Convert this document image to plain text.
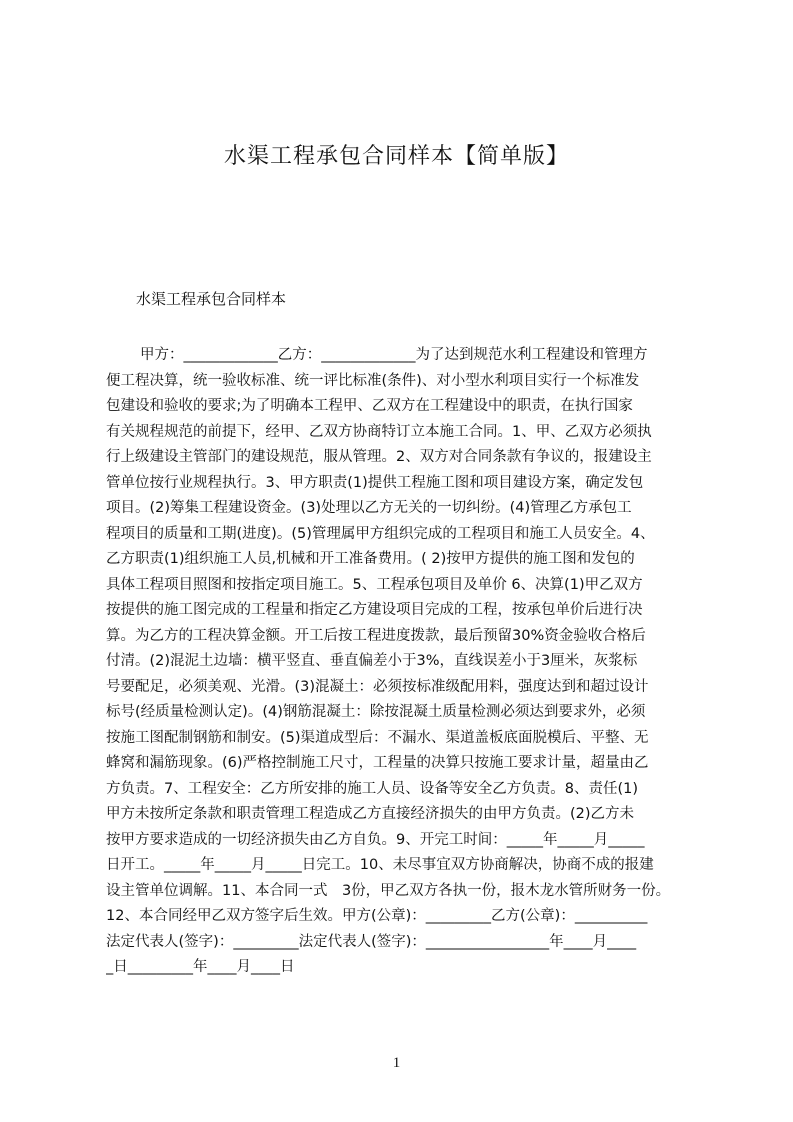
水渠工程承包合同样本【简单版】
水渠工程承包合同样本
甲方：_____________乙方：_____________为了达到规范水利工程建设和管理方
便工程决算，统一验收标准、统一评比标准(条件)、对小型水利项目实行一个标准发
包建设和验收的要求;为了明确本工程甲、乙双方在工程建设中的职责，在执行国家
有关规程规范的前提下，经甲、乙双方协商特订立本施工合同。1、甲、乙双方必须执
行上级建设主管部门的建设规范，服从管理。2、双方对合同条款有争议的，报建设主
管单位按行业规程执行。3、甲方职责(1)提供工程施工图和项目建设方案，确定发包
项目。(2)筹集工程建设资金。(3)处理以乙方无关的一切纠纷。(4)管理乙方承包工
程项目的质量和工期(进度)。(5)管理属甲方组织完成的工程项目和施工人员安全。4、
乙方职责(1)组织施工人员,机械和开工准备费用。( 2)按甲方提供的施工图和发包的
具体工程项目照图和按指定项目施工。5、工程承包项目及单价 6、决算(1)甲乙双方
按提供的施工图完成的工程量和指定乙方建设项目完成的工程，按承包单价后进行决
算。为乙方的工程决算金额。开工后按工程进度拨款，最后预留30%资金验收合格后
付清。(2)混泥土边墙：横平竖直、垂直偏差小于3%，直线误差小于3厘米，灰浆标
号要配足，必须美观、光滑。(3)混凝土：必须按标准级配用料，强度达到和超过设计
标号(经质量检测认定)。(4)钢筋混凝土：除按混凝土质量检测必须达到要求外，必须
按施工图配制钢筋和制安。(5)渠道成型后：不漏水、渠道盖板底面脱模后、平整、无
蜂窝和漏筋现象。(6)严格控制施工尺寸，工程量的决算只按施工要求计量，超量由乙
方负责。7、工程安全：乙方所安排的施工人员、设备等安全乙方负责。8、责任(1)
甲方未按所定条款和职责管理工程造成乙方直接经济损失的由甲方负责。(2)乙方未
按甲方要求造成的一切经济损失由乙方自负。9、开完工时间：_____年_____月_____
日开工。_____年_____月_____日完工。10、未尽事宜双方协商解决，协商不成的报建
设主管单位调解。11、本合同一式　3份，甲乙双方各执一份，报木龙水管所财务一份。
12、本合同经甲乙双方签字后生效。甲方(公章)：_________乙方(公章)：__________
法定代表人(签字)：_________法定代表人(签字)：_________________年____月____
_日_________年____月____日
1
